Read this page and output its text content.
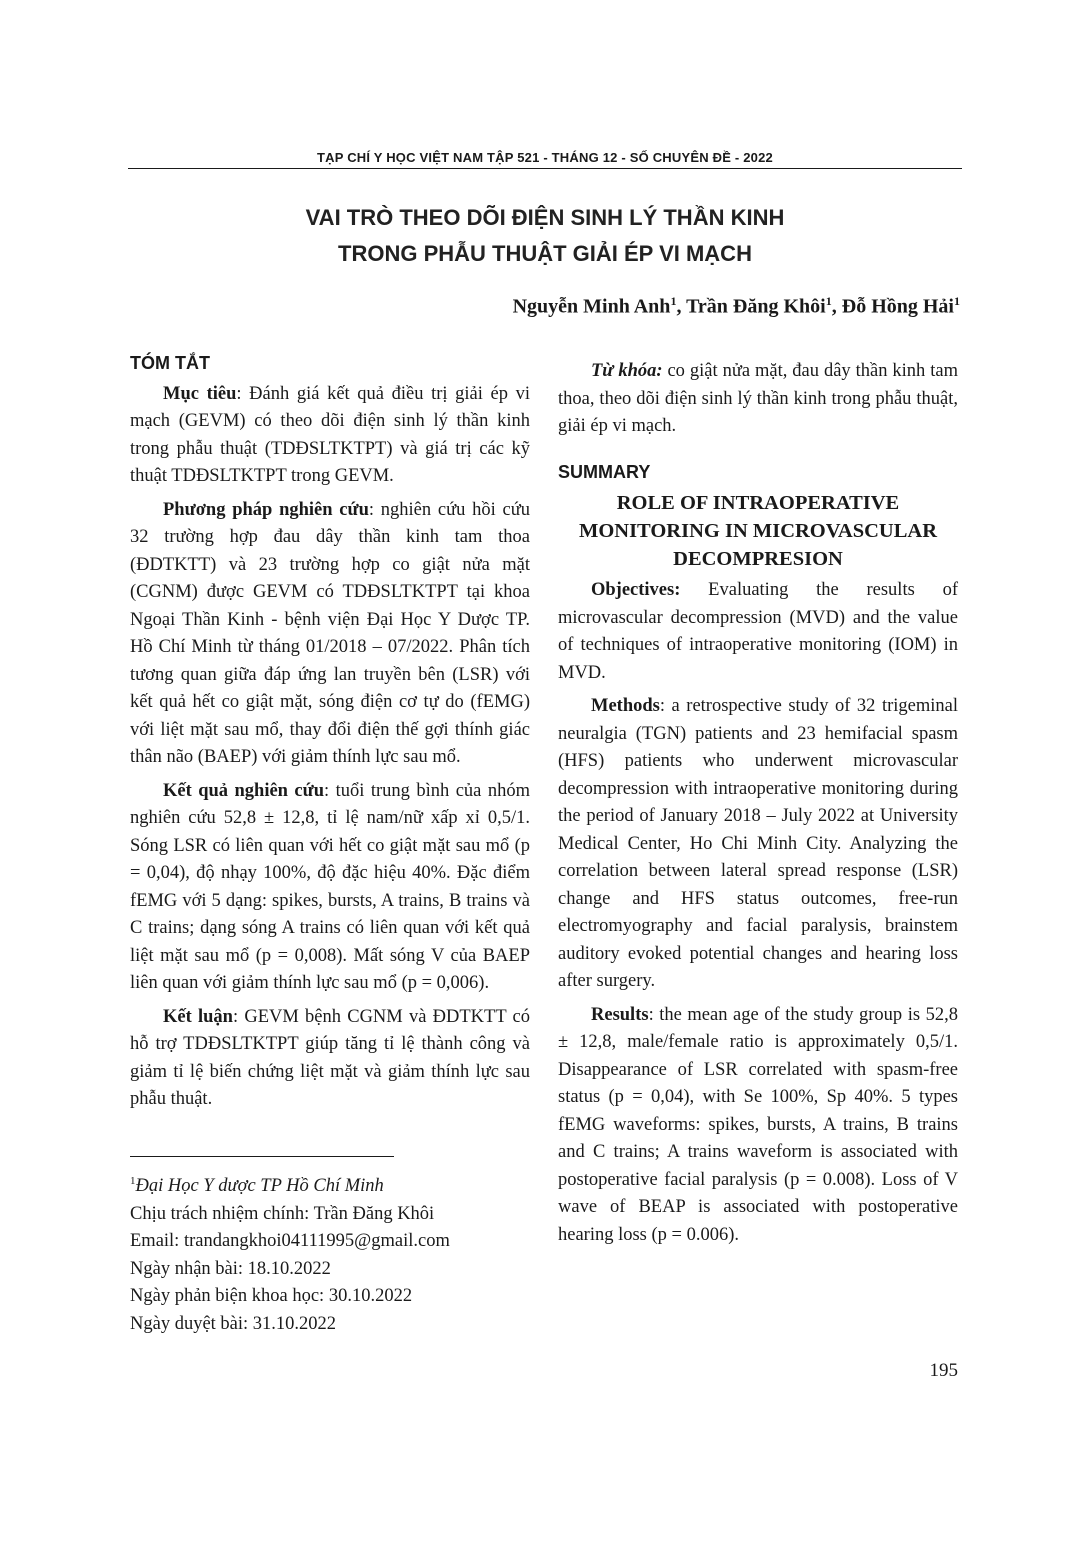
TẠP CHÍ Y HỌC VIỆT NAM TẬP 521 - THÁNG 12 - SỐ CHUYÊN ĐỀ - 2022
VAI TRÒ THEO DÕI ĐIỆN SINH LÝ THẦN KINH
TRONG PHẪU THUẬT GIẢI ÉP VI MẠCH
Nguyễn Minh Anh$^1$, Trần Đăng Khôi$^1$, Đỗ Hồng Hải$^1$
TÓM TẮT

Mục tiêu: Đánh giá kết quả điều trị giải ép vi mạch (GEVM) có theo dõi điện sinh lý thần kinh trong phẫu thuật (TDĐSLTKTPT) và giá trị các kỹ thuật TDĐSLTKTPT trong GEVM.

Phương pháp nghiên cứu: nghiên cứu hồi cứu 32 trường hợp đau dây thần kinh tam thoa (ĐDTKTT) và 23 trường hợp co giật nửa mặt (CGNM) được GEVM có TDĐSLTKTPT tại khoa Ngoại Thần Kinh - bệnh viện Đại Học Y Dược TP. Hồ Chí Minh từ tháng 01/2018 – 07/2022. Phân tích tương quan giữa đáp ứng lan truyền bên (LSR) với kết quả hết co giật mặt, sóng điện cơ tự do (fEMG) với liệt mặt sau mổ, thay đổi điện thế gợi thính giác thân não (BAEP) với giảm thính lực sau mổ.

Kết quả nghiên cứu: tuổi trung bình của nhóm nghiên cứu 52,8 ± 12,8, tỉ lệ nam/nữ xấp xỉ 0,5/1. Sóng LSR có liên quan với hết co giật mặt sau mổ (p = 0,04), độ nhạy 100%, độ đặc hiệu 40%. Đặc điểm fEMG với 5 dạng: spikes, bursts, A trains, B trains và C trains; dạng sóng A trains có liên quan với kết quả liệt mặt sau mổ (p = 0,008). Mất sóng V của BAEP liên quan với giảm thính lực sau mổ (p = 0,006).

Kết luận: GEVM bệnh CGNM và ĐDTKTT có hỗ trợ TDĐSLTKTPT giúp tăng tỉ lệ thành công và giảm tỉ lệ biến chứng liệt mặt và giảm thính lực sau phẫu thuật.

$^1$Đại Học Y dược TP Hồ Chí Minh
Chịu trách nhiệm chính: Trần Đăng Khôi
Email: trandangkhoi04111995@gmail.com
Ngày nhận bài: 18.10.2022
Ngày phản biện khoa học: 30.10.2022
Ngày duyệt bài: 31.10.2022

Từ khóa: co giật nửa mặt, đau dây thần kinh tam thoa, theo dõi điện sinh lý thần kinh trong phẫu thuật, giải ép vi mạch.

SUMMARY
ROLE OF INTRAOPERATIVE
MONITORING IN MICROVASCULAR
DECOMPRESION

Objectives: Evaluating the results of microvascular decompression (MVD) and the value of techniques of intraoperative monitoring (IOM) in MVD.

Methods: a retrospective study of 32 trigeminal neuralgia (TGN) patients and 23 hemifacial spasm (HFS) patients who underwent microvascular decompression with intraoperative monitoring during the period of January 2018 – July 2022 at University Medical Center, Ho Chi Minh City. Analyzing the correlation between lateral spread response (LSR) change and HFS status outcomes, free-run electromyography and facial paralysis, brainstem auditory evoked potential changes and hearing loss after surgery.

Results: the mean age of the study group is 52,8 ± 12,8, male/female ratio is approximately 0,5/1. Disappearance of LSR correlated with spasm-free status (p = 0,04), with Se 100%, Sp 40%. 5 types fEMG waveforms: spikes, bursts, A trains, B trains and C trains; A trains waveform is associated with postoperative facial paralysis (p = 0.008). Loss of V wave of BEAP is associated with postoperative hearing loss (p = 0.006).

195
